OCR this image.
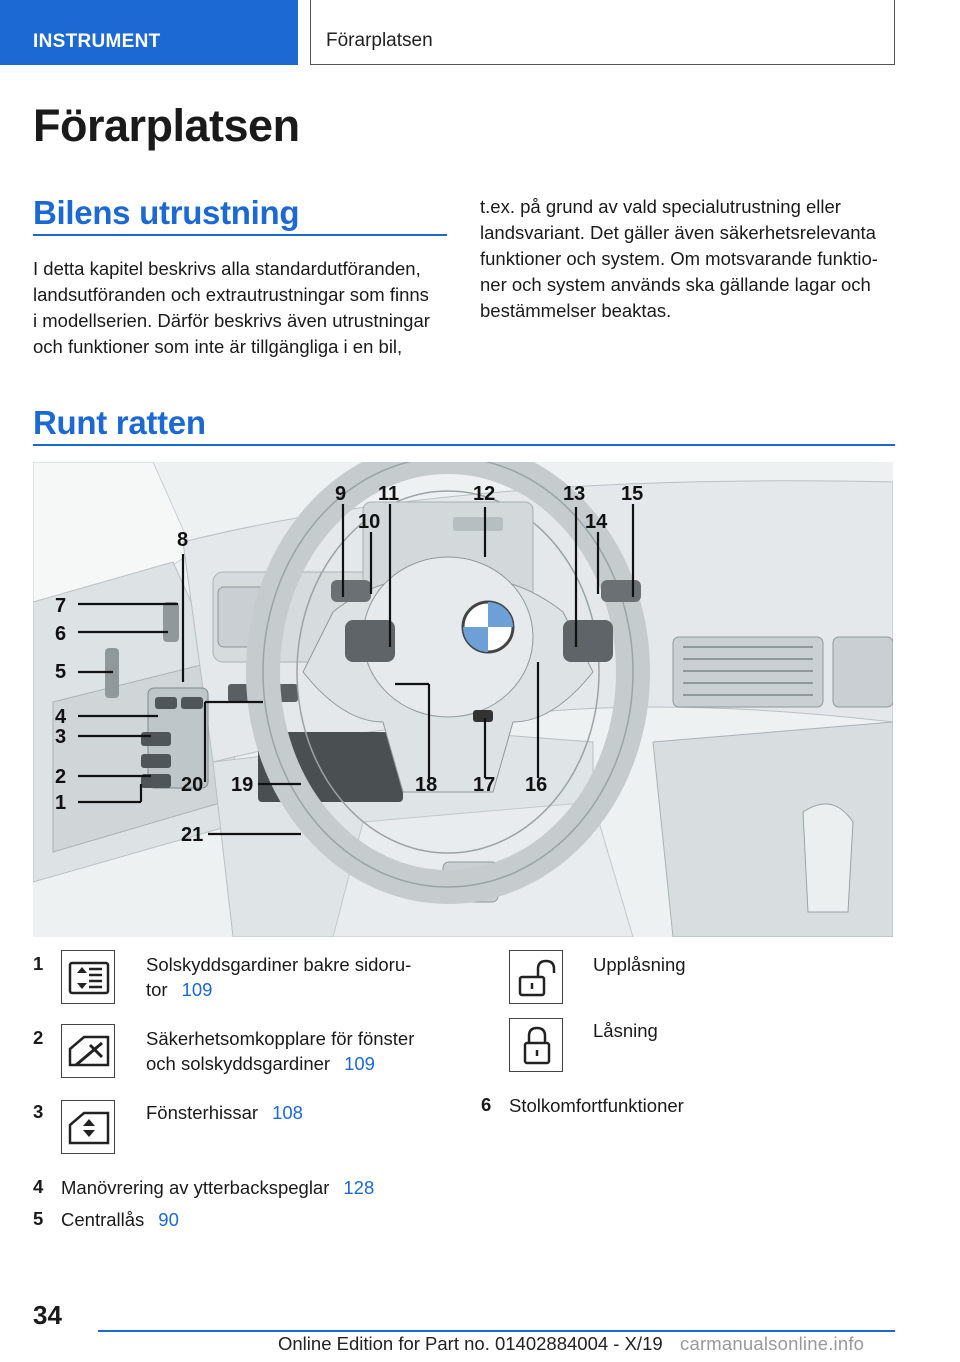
INSTRUMENT	Förarplatsen
Förarplatsen
Bilens utrustning
I detta kapitel beskrivs alla standardutföranden,
landsutföranden och extrautrustningar som finns
i modellserien. Därför beskrivs även utrustningar
och funktioner som inte är tillgängliga i en bil,
t.ex. på grund av vald specialutrustning eller
landsvariant. Det gäller även säkerhetsrelevanta
funktioner och system. Om motsvarande funktio-
ner och system används ska gällande lagar och
bestämmelser beaktas.
Runt ratten
9 11
10
12	13
14
15
8
7
6
5
4
3
2
1
20 19	18 17 16
21
1	Solskyddsgardiner bakre sidoru-
tor 109
2	Säkerhetsomkopplare för fönster
och solskyddsgardiner 109
3	Fönsterhissar 108
4 Manövrering av ytterbackspeglar 128
5 Centrallås 90
Upplåsning
Låsning
6 Stolkomfortfunktioner
34
Online Edition for Part no. 01402884004 - X/19 carmanualsonline.info
